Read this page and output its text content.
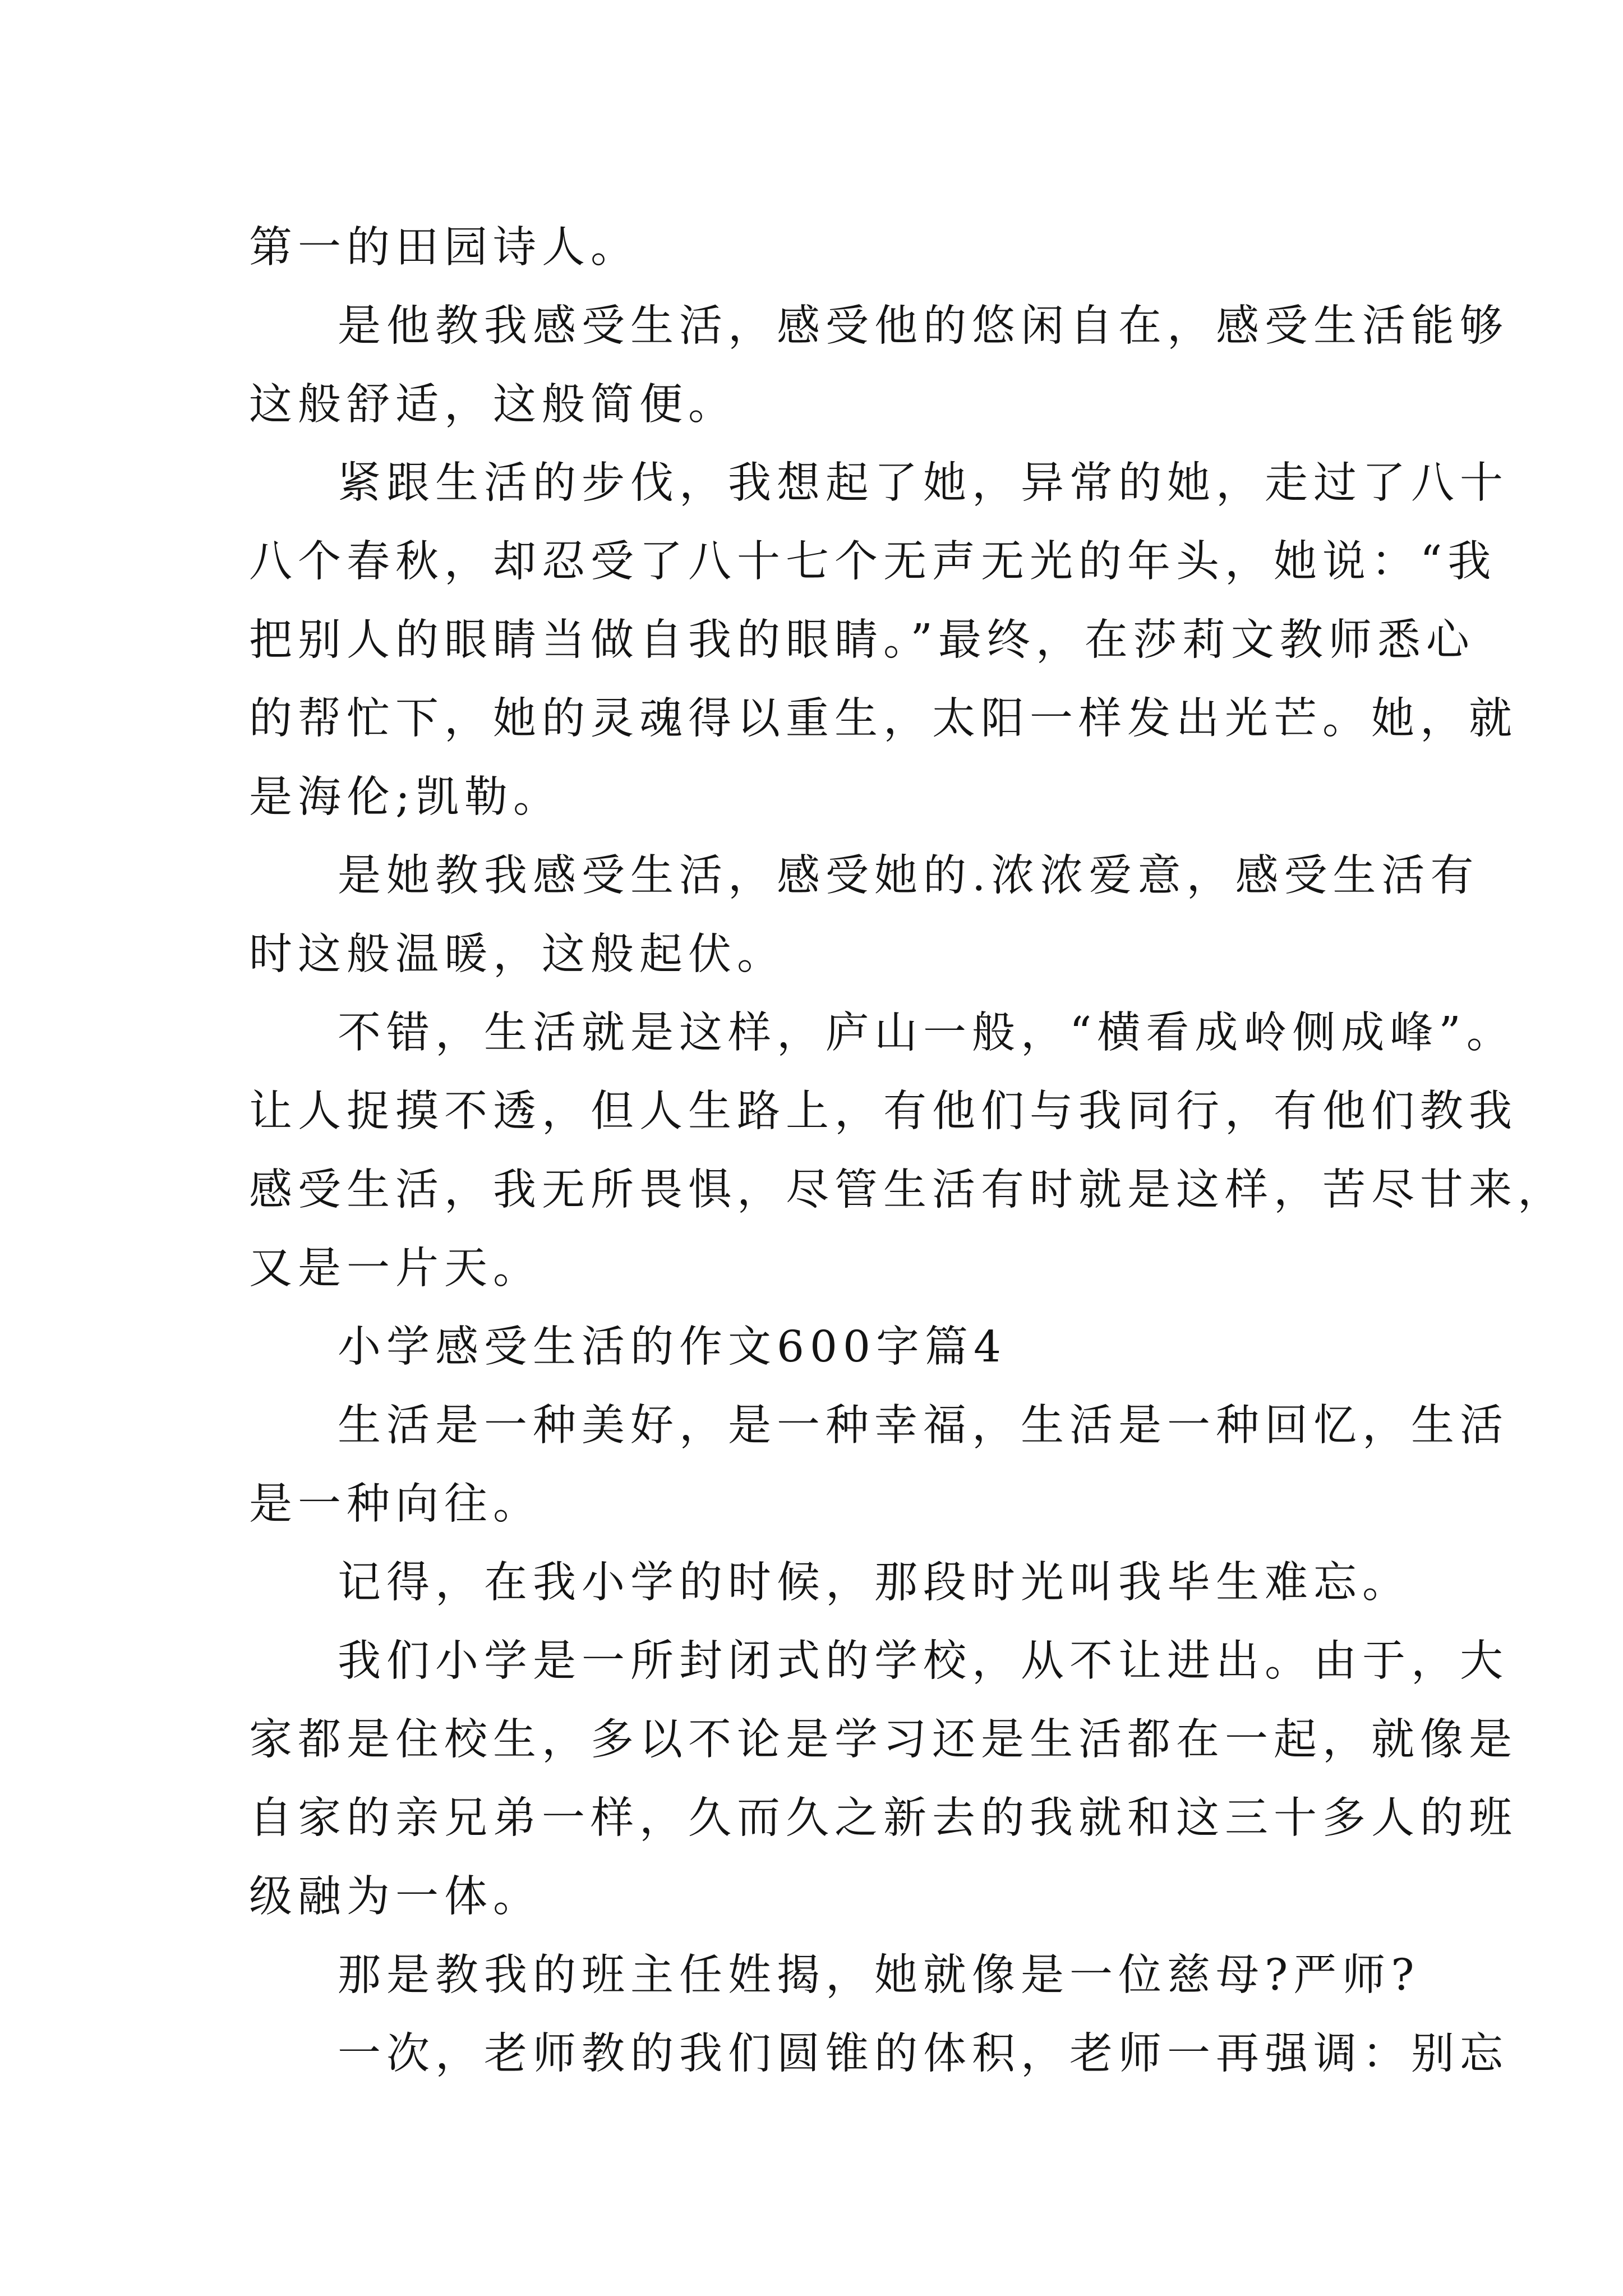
第一的田园诗人。
是他教我感受生活，感受他的悠闲自在，感受生活能够
这般舒适，这般简便。
紧跟生活的步伐，我想起了她，异常的她，走过了八十
八个春秋，却忍受了八十七个无声无光的年头，她说：“我
把别人的眼睛当做自我的眼睛。”最终，在莎莉文教师悉心
的帮忙下，她的灵魂得以重生，太阳一样发出光芒。她，就
是海伦;凯勒。
是她教我感受生活，感受她的.浓浓爱意，感受生活有
时这般温暖，这般起伏。
不错，生活就是这样，庐山一般，“横看成岭侧成峰”。
让人捉摸不透，但人生路上，有他们与我同行，有他们教我
感受生活，我无所畏惧，尽管生活有时就是这样，苦尽甘来，
又是一片天。
小学感受生活的作文600字篇4
生活是一种美好，是一种幸福，生活是一种回忆，生活
是一种向往。
记得，在我小学的时候，那段时光叫我毕生难忘。
我们小学是一所封闭式的学校，从不让进出。由于，大
家都是住校生，多以不论是学习还是生活都在一起，就像是
自家的亲兄弟一样，久而久之新去的我就和这三十多人的班
级融为一体。
那是教我的班主任姓揭，她就像是一位慈母?严师?
一次，老师教的我们圆锥的体积，老师一再强调：别忘
